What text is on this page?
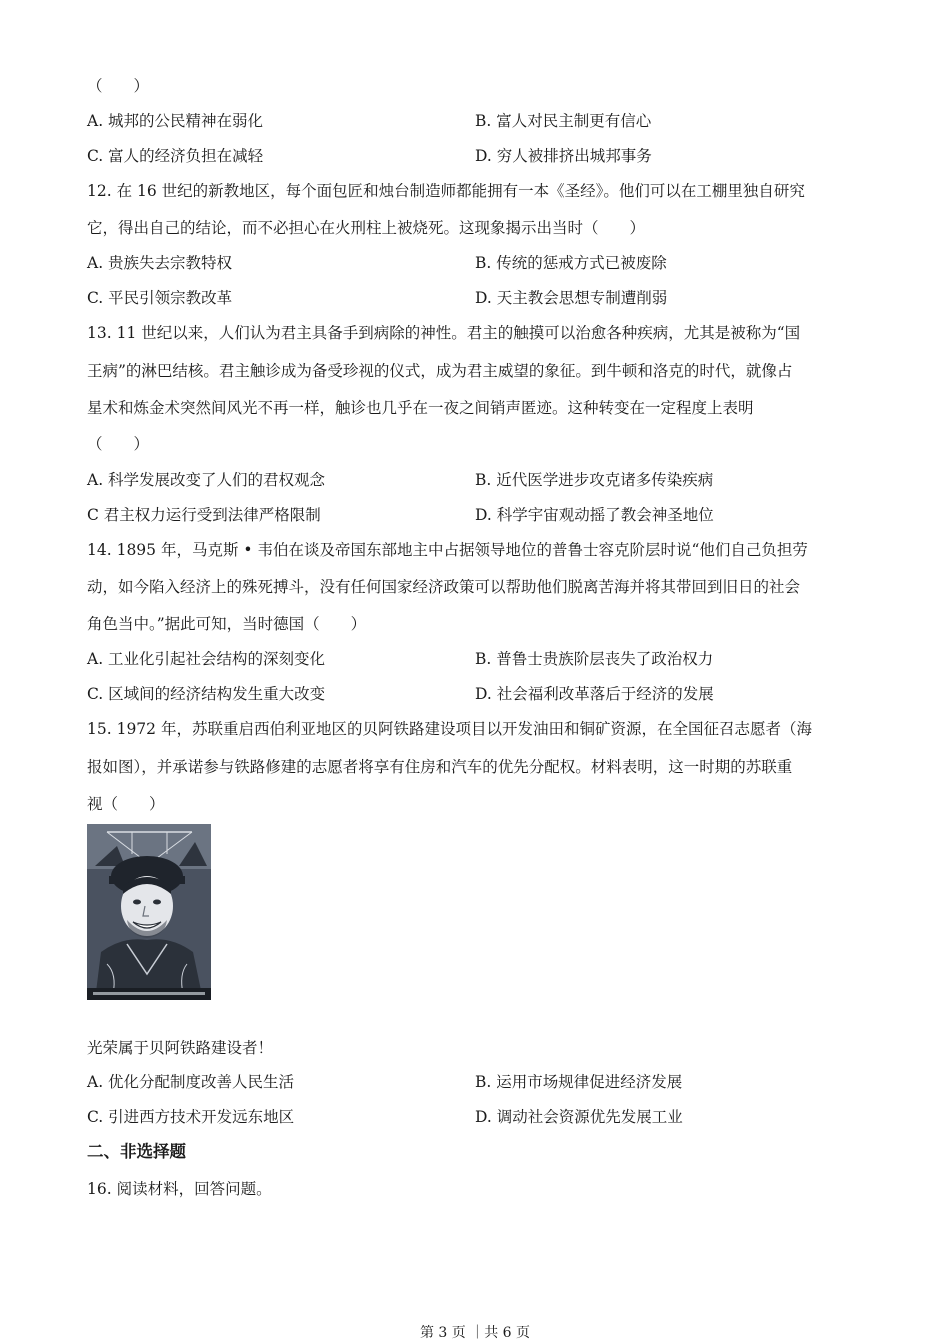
（　　）
A. 城邦的公民精神在弱化	B. 富人对民主制更有信心
C. 富人的经济负担在减轻	D. 穷人被排挤出城邦事务
12. 在 16 世纪的新教地区，每个面包匠和烛台制造师都能拥有一本《圣经》。他们可以在工棚里独自研究
它，得出自己的结论，而不必担心在火刑柱上被烧死。这现象揭示出当时（　　）
A. 贵族失去宗教特权	B. 传统的惩戒方式已被废除
C. 平民引领宗教改革	D. 天主教会思想专制遭削弱
13. 11 世纪以来，人们认为君主具备手到病除的神性。君主的触摸可以治愈各种疾病，尤其是被称为“国
王病”的淋巴结核。君主触诊成为备受珍视的仪式，成为君主威望的象征。到牛顿和洛克的时代，就像占
星术和炼金术突然间风光不再一样，触诊也几乎在一夜之间销声匿迹。这种转变在一定程度上表明
（　　）
A. 科学发展改变了人们的君权观念	B. 近代医学进步攻克诸多传染疾病
C 君主权力运行受到法律严格限制	D. 科学宇宙观动摇了教会神圣地位
14. 1895 年，马克斯 • 韦伯在谈及帝国东部地主中占据领导地位的普鲁士容克阶层时说“他们自己负担劳
动，如今陷入经济上的殊死搏斗，没有任何国家经济政策可以帮助他们脱离苦海并将其带回到旧日的社会
角色当中。”据此可知，当时德国（　　）
A. 工业化引起社会结构的深刻变化	B. 普鲁士贵族阶层丧失了政治权力
C. 区域间的经济结构发生重大改变	D. 社会福利改革落后于经济的发展
15. 1972 年，苏联重启西伯利亚地区的贝阿铁路建设项目以开发油田和铜矿资源，在全国征召志愿者（海
报如图），并承诺参与铁路修建的志愿者将享有住房和汽车的优先分配权。材料表明，这一时期的苏联重
视（　　）
光荣属于贝阿铁路建设者！
A. 优化分配制度改善人民生活	B. 运用市场规律促进经济发展
C. 引进西方技术开发远东地区	D. 调动社会资源优先发展工业
二、非选择题
16. 阅读材料，回答问题。
第 3 页 ｜共 6 页
